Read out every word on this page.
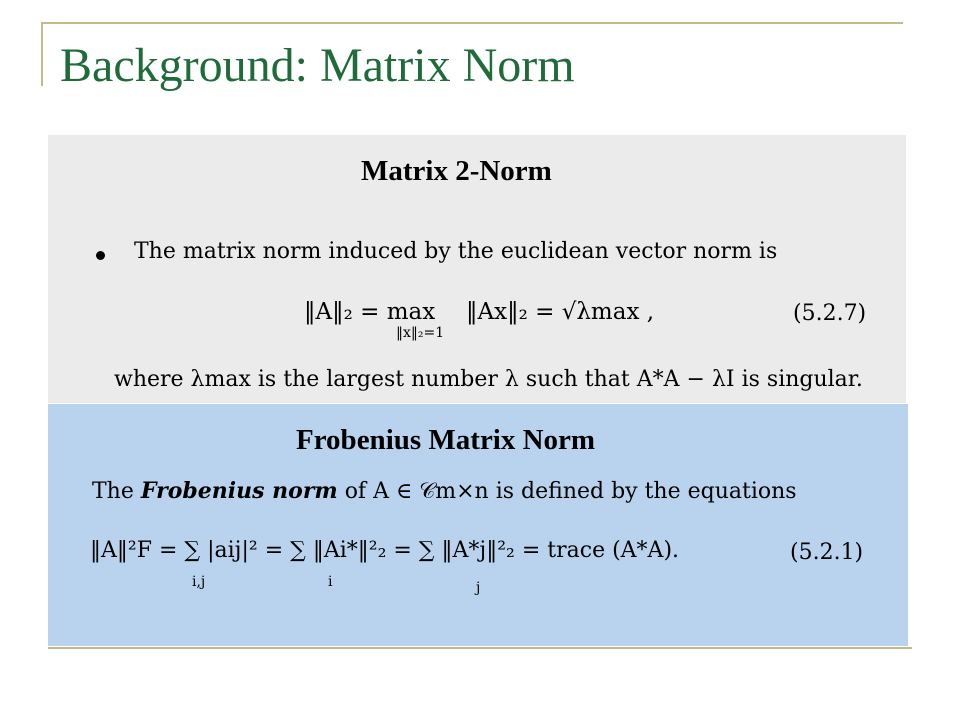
Background: Matrix Norm
Matrix 2-Norm
The matrix norm induced by the euclidean vector norm is
‖A‖₂ = max
‖x‖₂=1
‖Ax‖₂ = √λmax ,	(5.2.7)
where λmax is the largest number λ such that A*A − λI is singular.
Frobenius Matrix Norm
The Frobenius norm of A ∈ 𝒞m×n is defined by the equations
‖A‖²F = ∑ |aij|² = ∑ ‖Ai*‖²₂ = ∑ ‖A*j‖²₂ = trace (A*A).
i,j	i	j
(5.2.1)
